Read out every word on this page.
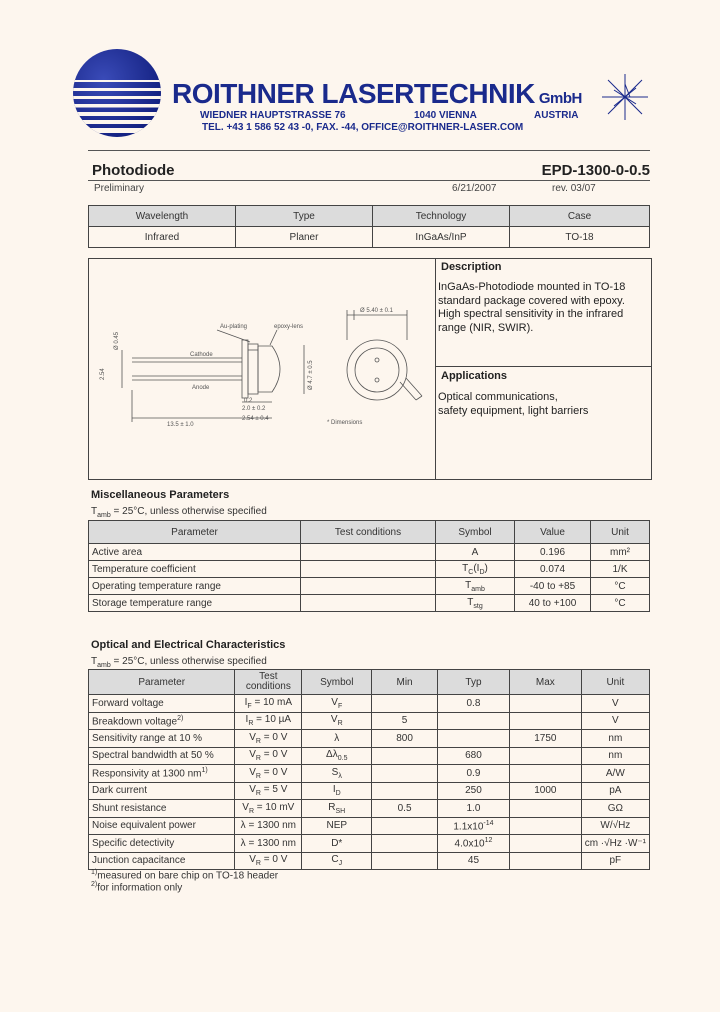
ROITHNER LASERTECHNIK GmbH
WIEDNER HAUPTSTRASSE 76	1040 VIENNA	AUSTRIA
TEL. +43 1 586 52 43 -0, FAX. -44, OFFICE@ROITHNER-LASER.COM
Photodiode	EPD-1300-0-0.5
Preliminary	6/21/2007	rev. 03/07
Wavelength	Type	Technology	Case
Infrared	Planer	InGaAs/InP	TO-18
Au-plating	epoxy-lens
Cathode
Anode
Ø 5.40 ± 0.1
13.5 ± 1.0
2.54
2.0 ± 0.2
2.54 ± 0.4
0.2
Ø 0.45
Ø 4.7 ± 0.5
* Dimensions
Description
InGaAs-Photodiode mounted in TO-18
standard package covered with epoxy.
High spectral sensitivity in the infrared
range (NIR, SWIR).
Applications
Optical communications,
safety equipment, light barriers
Miscellaneous Parameters
$T_{amb} = 25^\circ C$, unless otherwise specified
Parameter	Test conditions	Symbol	Value	Unit
Active area		A	0.196	mm²
Temperature coefficient		$T_C(I_D)$	0.074	1/K
Operating temperature range		$T_{amb}$	-40 to +85	°C
Storage temperature range		$T_{stg}$	40 to +100	°C
Optical and Electrical Characteristics
$T_{amb} = 25^\circ C$, unless otherwise specified
Parameter	Test conditions	Symbol	Min	Typ	Max	Unit
Forward voltage	$I_F = 10$ mA	$V_F$		0.8		V
Breakdown voltage$^{2)}$	$I_R = 10$ µA	$V_R$	5			V
Sensitivity range at 10 %	$V_R = 0$ V	λ	800		1750	nm
Spectral bandwidth at 50 %	$V_R = 0$ V	$\Delta\lambda_{0.5}$		680		nm
Responsivity at 1300 $nm^{1)}$	$V_R = 0$ V	$S_\lambda$		0.9		A/W
Dark current	$V_R = 5$ V	$I_D$		250	1000	pA
Shunt resistance	$V_R = 10$ mV	$R_{SH}$	0.5	1.0		GΩ
Noise equivalent power	λ = 1300 nm	NEP		$1.1x10^{-14}$		W/√Hz
Specific detectivity	λ = 1300 nm	D*		$4.0x10^{12}$		cm ·√Hz ·W⁻¹
Junction capacitance	$V_R = 0$ V	$C_J$		45		pF
$^{1)}$measured on bare chip on TO-18 header
$^{2)}$for information only
